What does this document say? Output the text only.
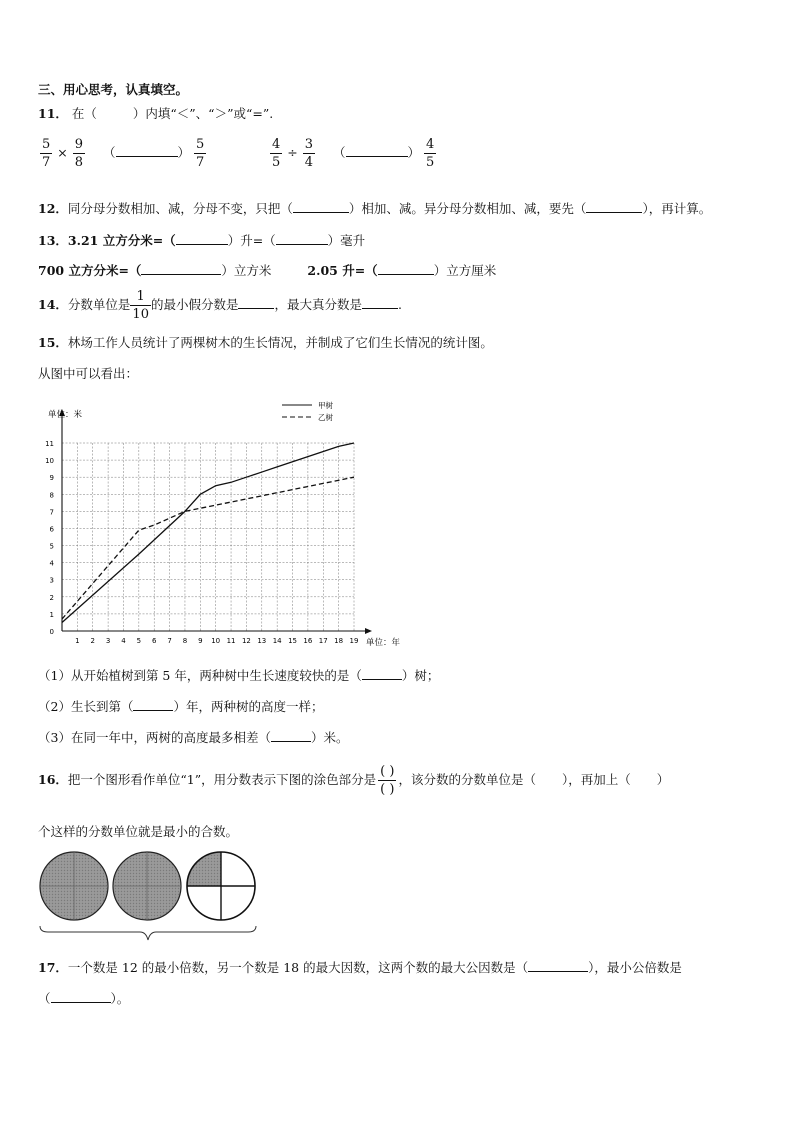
三、用心思考，认真填空。
11． 在（	）内填“＜”、“＞”或“=”.
$\frac{5}{7} \times \frac{9}{8}$ （	） $\frac{5}{7}$	$\frac{4}{5} \div \frac{3}{4}$ （	） $\frac{4}{5}$
12．同分母分数相加、减，分母不变，只把（	）相加、减。异分母分数相加、减，要先（	），再计算。
13．3.21 立方分米=（	）升=（	）毫升
700 立方分米=（	）立方米	2.05 升=（	）立方厘米
14．分数单位是 $\frac{1}{10}$ 的最小假分数是	，最大真分数是	.
15．林场工作人员统计了两棵树木的生长情况，并制成了它们生长情况的统计图。
从图中可以看出：
0
1
2
3
4
5
6
7
8
9
10
11
1 2 3 4 5 6 7 8 9 10 11 12 13 14 15 16 17 18 19
甲树
乙树
单位：米
单位：年
（1）从开始植树到第 5 年，两种树中生长速度较快的是（	）树；
（2）生长到第（	）年，两种树的高度一样；
（3）在同一年中，两树的高度最多相差（	）米。
16．把一个图形看作单位“1”，用分数表示下图的涂色部分是 $\frac{( )}{( )}$ ，该分数的分数单位是（ ），再加上（ ）
个这样的分数单位就是最小的合数。
17．一个数是 12 的最小倍数，另一个数是 18 的最大因数，这两个数的最大公因数是（	），最小公倍数是
（	）。
